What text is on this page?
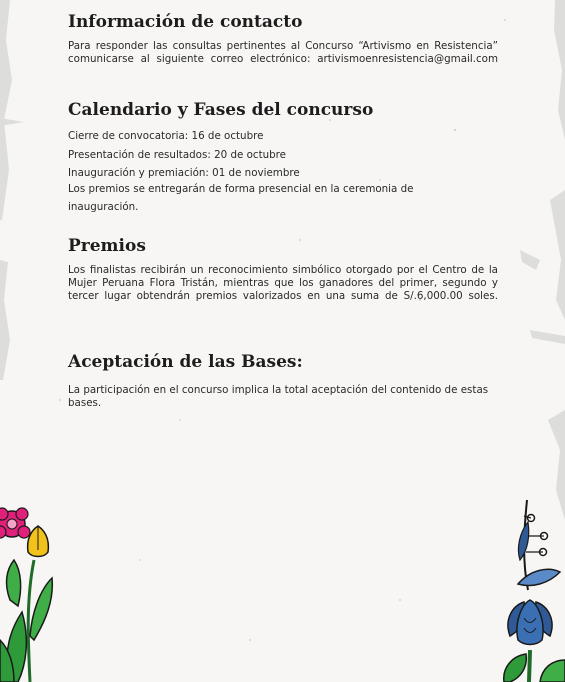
Información de contacto

Para responder las consultas pertinentes al Concurso “Artivismo en Resistencia” comunicarse al siguiente correo electrónico: artivismoenresistencia@gmail.com

Calendario y Fases del concurso

Cierre de convocatoria: 16 de octubre

Presentación de resultados: 20 de octubre

Inauguración y premiación: 01 de noviembre

Los premios se entregarán de forma presencial en la ceremonia de

inauguración.

Premios

Los finalistas recibirán un reconocimiento simbólico otorgado por el Centro de la Mujer Peruana Flora Tristán, mientras que los ganadores del primer, segundo y tercer lugar obtendrán premios valorizados en una suma de S/.6,000.00 soles.

Aceptación de las Bases:

La participación en el concurso implica la total aceptación del contenido de estas bases.
